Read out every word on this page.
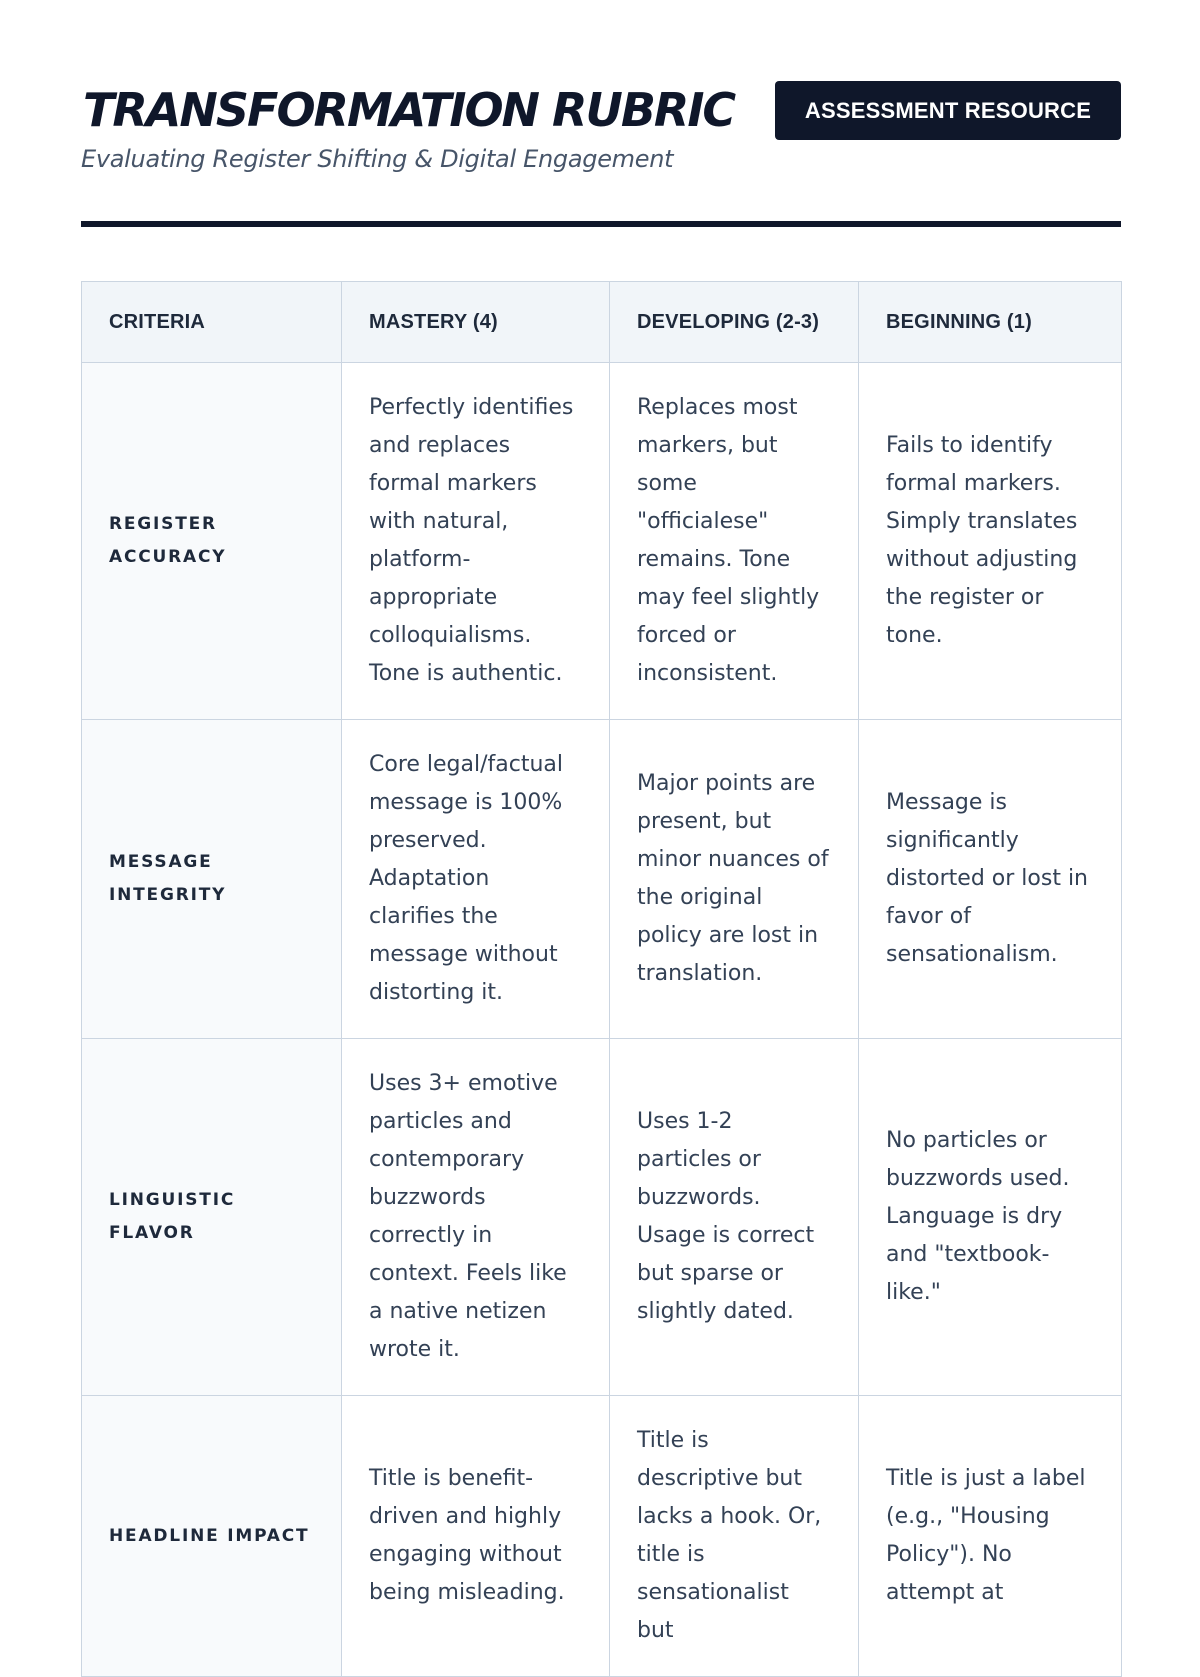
TRANSFORMATION RUBRIC	ASSESSMENT RESOURCE

Evaluating Register Shifting & Digital Engagement

CRITERIA	MASTERY (4)	DEVELOPING (2-3)	BEGINNING (1)
REGISTER ACCURACY	Perfectly identifies and replaces formal markers with natural, platform-appropriate colloquialisms. Tone is authentic.	Replaces most markers, but some "officialese" remains. Tone may feel slightly forced or inconsistent.	Fails to identify formal markers. Simply translates without adjusting the register or tone.
MESSAGE INTEGRITY	Core legal/factual message is 100% preserved. Adaptation clarifies the message without distorting it.	Major points are present, but minor nuances of the original policy are lost in translation.	Message is significantly distorted or lost in favor of sensationalism.
LINGUISTIC FLAVOR	Uses 3+ emotive particles and contemporary buzzwords correctly in context. Feels like a native netizen wrote it.	Uses 1-2 particles or buzzwords. Usage is correct but sparse or slightly dated.	No particles or buzzwords used. Language is dry and "textbook-like."
HEADLINE IMPACT	Title is benefit-driven and highly engaging without being misleading.	Title is descriptive but lacks a hook. Or, title is sensationalist but	Title is just a label (e.g., "Housing Policy"). No attempt at
